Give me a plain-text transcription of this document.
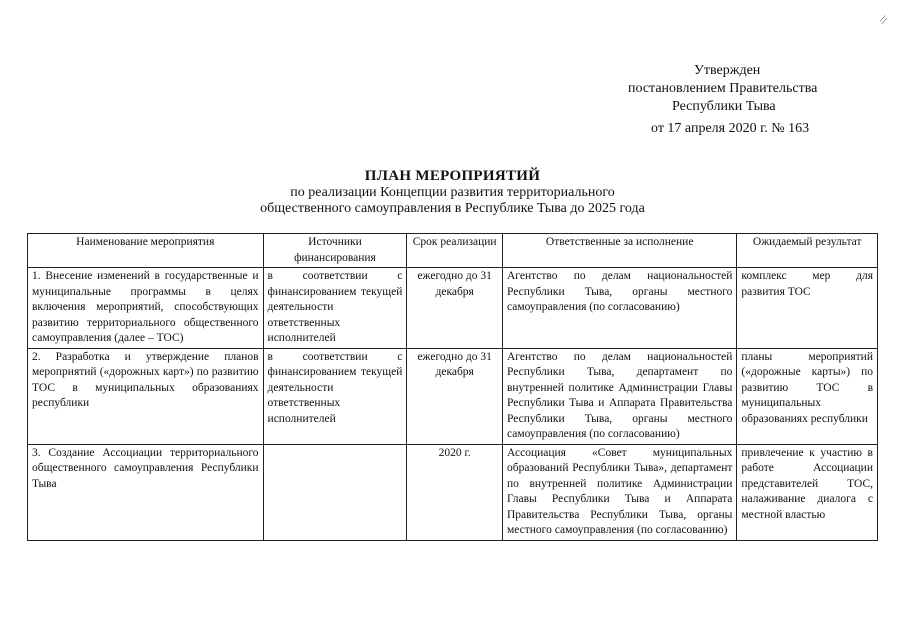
\\
Утвержден
постановлением Правительства
Республики Тыва
от 17 апреля 2020 г. № 163
ПЛАН МЕРОПРИЯТИЙ
по реализации Концепции развития территориального
общественного самоуправления в Республике Тыва до 2025 года
Наименование мероприятия	Источники финансирования	Срок реализации	Ответственные за исполнение	Ожидаемый результат
1. Внесение изменений в государственные и муниципальные программы в целях включения мероприятий, способствующих развитию территориального общественного самоуправления (далее – ТОС)	в соответствии с финансированием текущей деятельности ответственных исполнителей	ежегодно до 31 декабря	Агентство по делам национальностей Республики Тыва, органы местного самоуправления (по согласованию)	комплекс мер для развития ТОС
2. Разработка и утверждение планов мероприятий («дорожных карт») по развитию ТОС в муниципальных образованиях республики	в соответствии с финансированием текущей деятельности ответственных исполнителей	ежегодно до 31 декабря	Агентство по делам национальностей Республики Тыва, департамент по внутренней политике Администрации Главы Республики Тыва и Аппарата Правительства Республики Тыва, органы местного самоуправления (по согласованию)	планы мероприятий («дорожные карты») по развитию ТОС в муниципальных образованиях республики
3. Создание Ассоциации территориального общественного самоуправления Республики Тыва		2020 г.	Ассоциация «Совет муниципальных образований Республики Тыва», департамент по внутренней политике Администрации Главы Республики Тыва и Аппарата Правительства Республики Тыва, органы местного самоуправления (по согласованию)	привлечение к участию в работе Ассоциации представителей ТОС, налаживание диалога с местной властью
